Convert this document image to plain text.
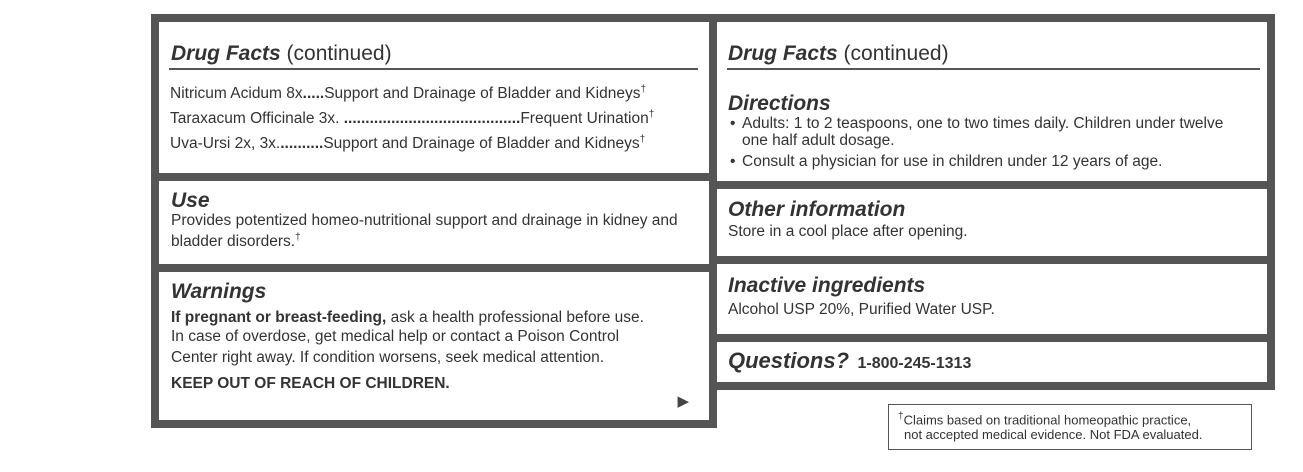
Drug Facts (continued)
Nitricum Acidum 8x.....Support and Drainage of Bladder and Kidneys†
Taraxacum Officinale 3x. .........................................Frequent Urination†
Uva-Ursi 2x, 3x...........Support and Drainage of Bladder and Kidneys†
Use
Provides potentized homeo-nutritional support and drainage in kidney and bladder disorders.†
Warnings
If pregnant or breast-feeding, ask a health professional before use.
In case of overdose, get medical help or contact a Poison Control Center right away. If condition worsens, seek medical attention.
KEEP OUT OF REACH OF CHILDREN.
▶
Drug Facts (continued)
Directions
• Adults: 1 to 2 teaspoons, one to two times daily. Children under twelve one half adult dosage.
• Consult a physician for use in children under 12 years of age.
Other information
Store in a cool place after opening.
Inactive ingredients
Alcohol USP 20%, Purified Water USP.
Questions? 1-800-245-1313
†Claims based on traditional homeopathic practice,
not accepted medical evidence. Not FDA evaluated.
